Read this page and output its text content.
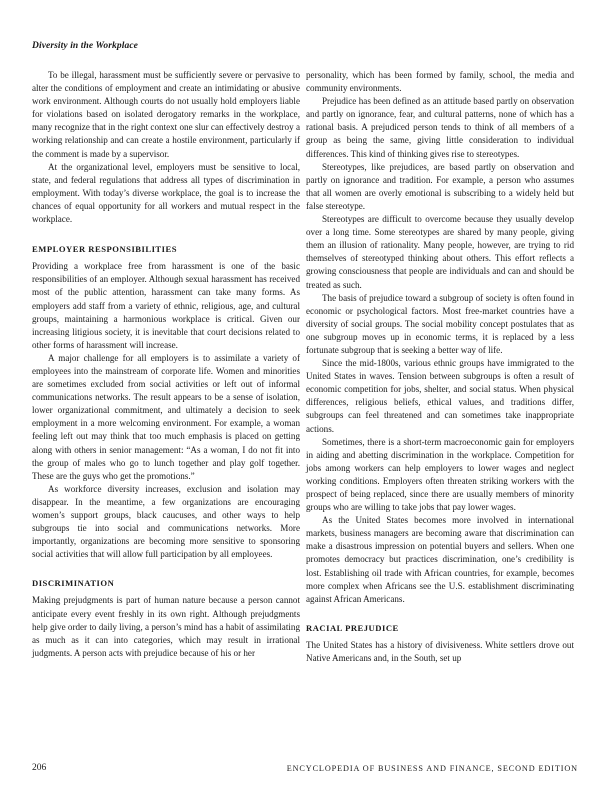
Diversity in the Workplace

To be illegal, harassment must be sufficiently severe or pervasive to alter the conditions of employment and create an intimidating or abusive work environment. Although courts do not usually hold employers liable for violations based on isolated derogatory remarks in the workplace, many recognize that in the right context one slur can effectively destroy a working relationship and can create a hostile environment, particularly if the comment is made by a supervisor.

At the organizational level, employers must be sensitive to local, state, and federal regulations that address all types of discrimination in employment. With today’s diverse workplace, the goal is to increase the chances of equal opportunity for all workers and mutual respect in the workplace.

EMPLOYER RESPONSIBILITIES

Providing a workplace free from harassment is one of the basic responsibilities of an employer. Although sexual harassment has received most of the public attention, harassment can take many forms. As employers add staff from a variety of ethnic, religious, age, and cultural groups, maintaining a harmonious workplace is critical. Given our increasing litigious society, it is inevitable that court decisions related to other forms of harassment will increase.

A major challenge for all employers is to assimilate a variety of employees into the mainstream of corporate life. Women and minorities are sometimes excluded from social activities or left out of informal communications networks. The result appears to be a sense of isolation, lower organizational commitment, and ultimately a decision to seek employment in a more welcoming environment. For example, a woman feeling left out may think that too much emphasis is placed on getting along with others in senior management: “As a woman, I do not fit into the group of males who go to lunch together and play golf together. These are the guys who get the promotions.”

As workforce diversity increases, exclusion and isolation may disappear. In the meantime, a few organizations are encouraging women’s support groups, black caucuses, and other ways to help subgroups tie into social and communications networks. More importantly, organizations are becoming more sensitive to sponsoring social activities that will allow full participation by all employees.

DISCRIMINATION

Making prejudgments is part of human nature because a person cannot anticipate every event freshly in its own right. Although prejudgments help give order to daily living, a person’s mind has a habit of assimilating as much as it can into categories, which may result in irrational judgments. A person acts with prejudice because of his or her

personality, which has been formed by family, school, the media and community environments.

Prejudice has been defined as an attitude based partly on observation and partly on ignorance, fear, and cultural patterns, none of which has a rational basis. A prejudiced person tends to think of all members of a group as being the same, giving little consideration to individual differences. This kind of thinking gives rise to stereotypes.

Stereotypes, like prejudices, are based partly on observation and partly on ignorance and tradition. For example, a person who assumes that all women are overly emotional is subscribing to a widely held but false stereotype.

Stereotypes are difficult to overcome because they usually develop over a long time. Some stereotypes are shared by many people, giving them an illusion of rationality. Many people, however, are trying to rid themselves of stereotyped thinking about others. This effort reflects a growing consciousness that people are individuals and can and should be treated as such.

The basis of prejudice toward a subgroup of society is often found in economic or psychological factors. Most free-market countries have a diversity of social groups. The social mobility concept postulates that as one subgroup moves up in economic terms, it is replaced by a less fortunate subgroup that is seeking a better way of life.

Since the mid-1800s, various ethnic groups have immigrated to the United States in waves. Tension between subgroups is often a result of economic competition for jobs, shelter, and social status. When physical differences, religious beliefs, ethical values, and traditions differ, subgroups can feel threatened and can sometimes take inappropriate actions.

Sometimes, there is a short-term macroeconomic gain for employers in aiding and abetting discrimination in the workplace. Competition for jobs among workers can help employers to lower wages and neglect working conditions. Employers often threaten striking workers with the prospect of being replaced, since there are usually members of minority groups who are willing to take jobs that pay lower wages.

As the United States becomes more involved in international markets, business managers are becoming aware that discrimination can make a disastrous impression on potential buyers and sellers. When one promotes democracy but practices discrimination, one’s credibility is lost. Establishing oil trade with African countries, for example, becomes more complex when Africans see the U.S. establishment discriminating against African Americans.

RACIAL PREJUDICE

The United States has a history of divisiveness. White settlers drove out Native Americans and, in the South, set up

206	ENCYCLOPEDIA OF BUSINESS AND FINANCE, SECOND EDITION
